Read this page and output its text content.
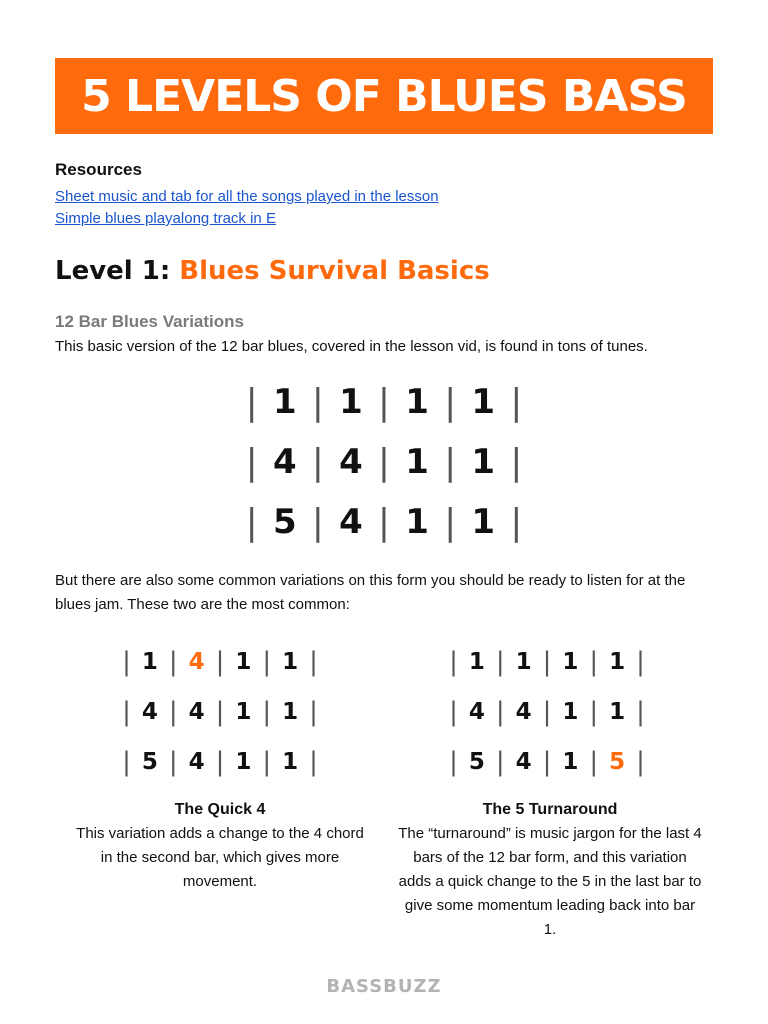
5 LEVELS OF BLUES BASS
Resources
Sheet music and tab for all the songs played in the lesson
Simple blues playalong track in E
Level 1: Blues Survival Basics
12 Bar Blues Variations
This basic version of the 12 bar blues, covered in the lesson vid, is found in tons of tunes.
| 1 | 1 | 1 | 1 |
| 4 | 4 | 1 | 1 |
| 5 | 4 | 1 | 1 |

But there are also some common variations on this form you should be ready to listen for at the blues jam. These two are the most common:

| 1 | 4 | 1 | 1 |
| 4 | 4 | 1 | 1 |
| 5 | 4 | 1 | 1 |
| 1 | 1 | 1 | 1 |
| 4 | 4 | 1 | 1 |
| 5 | 4 | 1 | 5 |
The Quick 4
This variation adds a change to the 4 chord in the second bar, which gives more movement.
The 5 Turnaround
The “turnaround” is music jargon for the last 4 bars of the 12 bar form, and this variation adds a quick change to the 5 in the last bar to give some momentum leading back into bar 1.
BASSBUZZ
